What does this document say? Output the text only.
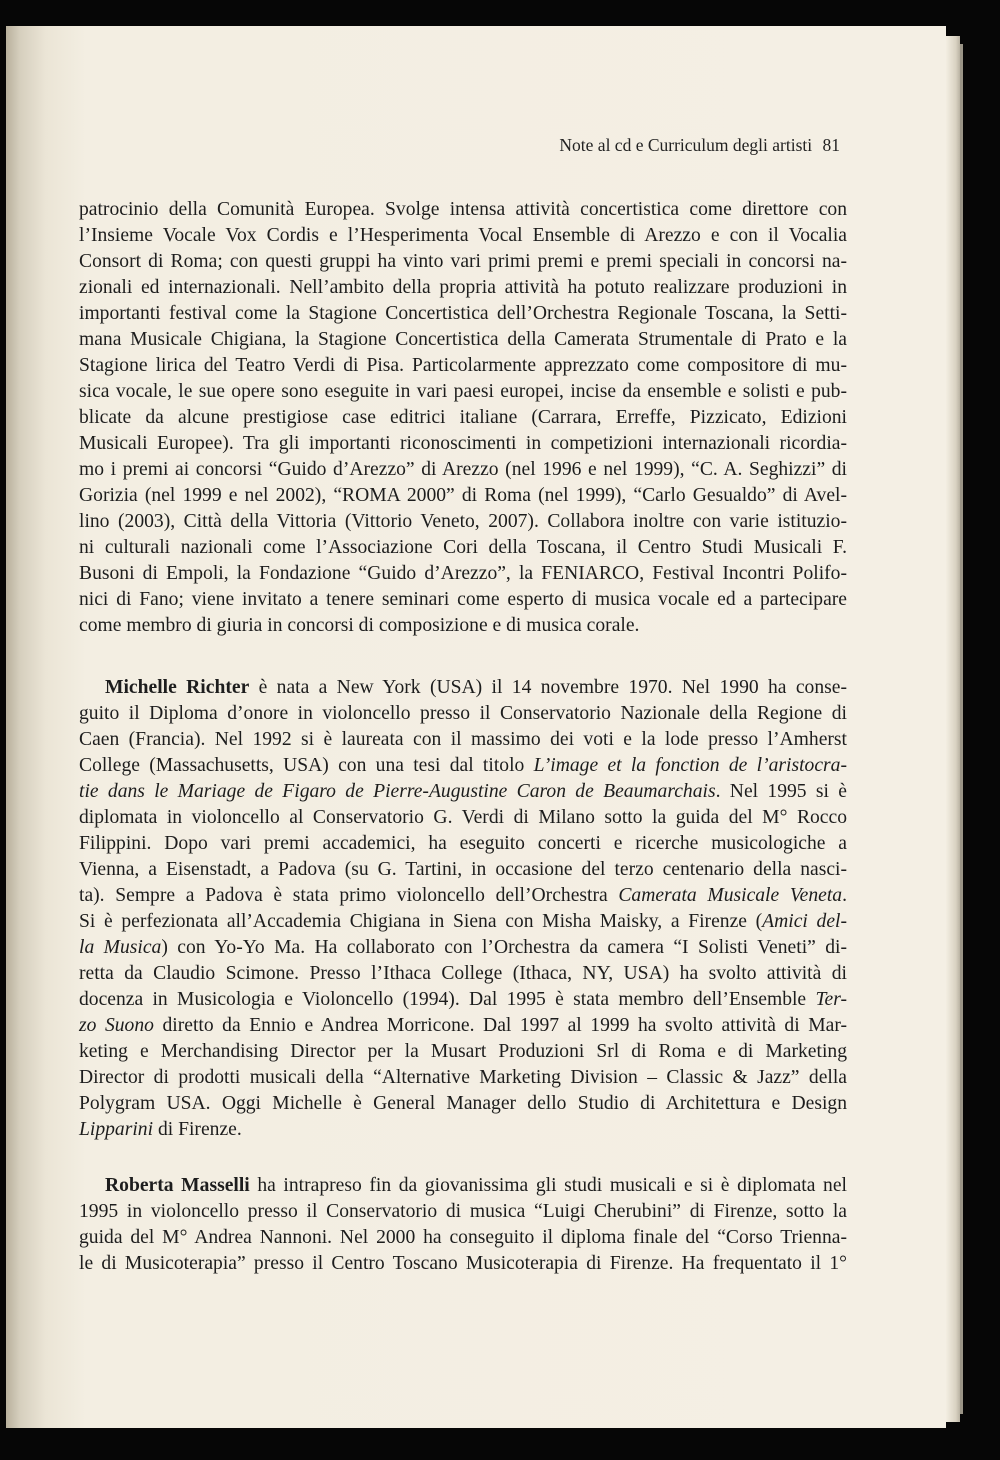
Note al cd e Curriculum degli artisti 81
patrocinio della Comunità Europea. Svolge intensa attività concertistica come direttore con
l’Insieme Vocale Vox Cordis e l’Hesperimenta Vocal Ensemble di Arezzo e con il Vocalia
Consort di Roma; con questi gruppi ha vinto vari primi premi e premi speciali in concorsi na-
zionali ed internazionali. Nell’ambito della propria attività ha potuto realizzare produzioni in
importanti festival come la Stagione Concertistica dell’Orchestra Regionale Toscana, la Setti-
mana Musicale Chigiana, la Stagione Concertistica della Camerata Strumentale di Prato e la
Stagione lirica del Teatro Verdi di Pisa. Particolarmente apprezzato come compositore di mu-
sica vocale, le sue opere sono eseguite in vari paesi europei, incise da ensemble e solisti e pub-
blicate da alcune prestigiose case editrici italiane (Carrara, Erreffe, Pizzicato, Edizioni
Musicali Europee). Tra gli importanti riconoscimenti in competizioni internazionali ricordia-
mo i premi ai concorsi “Guido d’Arezzo” di Arezzo (nel 1996 e nel 1999), “C. A. Seghizzi” di
Gorizia (nel 1999 e nel 2002), “ROMA 2000” di Roma (nel 1999), “Carlo Gesualdo” di Avel-
lino (2003), Città della Vittoria (Vittorio Veneto, 2007). Collabora inoltre con varie istituzio-
ni culturali nazionali come l’Associazione Cori della Toscana, il Centro Studi Musicali F.
Busoni di Empoli, la Fondazione “Guido d’Arezzo”, la FENIARCO, Festival Incontri Polifo-
nici di Fano; viene invitato a tenere seminari come esperto di musica vocale ed a partecipare
come membro di giuria in concorsi di composizione e di musica corale.
Michelle Richter è nata a New York (USA) il 14 novembre 1970. Nel 1990 ha conse-
guito il Diploma d’onore in violoncello presso il Conservatorio Nazionale della Regione di
Caen (Francia). Nel 1992 si è laureata con il massimo dei voti e la lode presso l’Amherst
College (Massachusetts, USA) con una tesi dal titolo L’image et la fonction de l’aristocra-
tie dans le Mariage de Figaro de Pierre-Augustine Caron de Beaumarchais. Nel 1995 si è
diplomata in violoncello al Conservatorio G. Verdi di Milano sotto la guida del M° Rocco
Filippini. Dopo vari premi accademici, ha eseguito concerti e ricerche musicologiche a
Vienna, a Eisenstadt, a Padova (su G. Tartini, in occasione del terzo centenario della nasci-
ta). Sempre a Padova è stata primo violoncello dell’Orchestra Camerata Musicale Veneta.
Si è perfezionata all’Accademia Chigiana in Siena con Misha Maisky, a Firenze (Amici del-
la Musica) con Yo-Yo Ma. Ha collaborato con l’Orchestra da camera “I Solisti Veneti” di-
retta da Claudio Scimone. Presso l’Ithaca College (Ithaca, NY, USA) ha svolto attività di
docenza in Musicologia e Violoncello (1994). Dal 1995 è stata membro dell’Ensemble Ter-
zo Suono diretto da Ennio e Andrea Morricone. Dal 1997 al 1999 ha svolto attività di Mar-
keting e Merchandising Director per la Musart Produzioni Srl di Roma e di Marketing
Director di prodotti musicali della “Alternative Marketing Division – Classic & Jazz” della
Polygram USA. Oggi Michelle è General Manager dello Studio di Architettura e Design
Lipparini di Firenze.
Roberta Masselli ha intrapreso fin da giovanissima gli studi musicali e si è diplomata nel
1995 in violoncello presso il Conservatorio di musica “Luigi Cherubini” di Firenze, sotto la
guida del M° Andrea Nannoni. Nel 2000 ha conseguito il diploma finale del “Corso Trienna-
le di Musicoterapia” presso il Centro Toscano Musicoterapia di Firenze. Ha frequentato il 1°
